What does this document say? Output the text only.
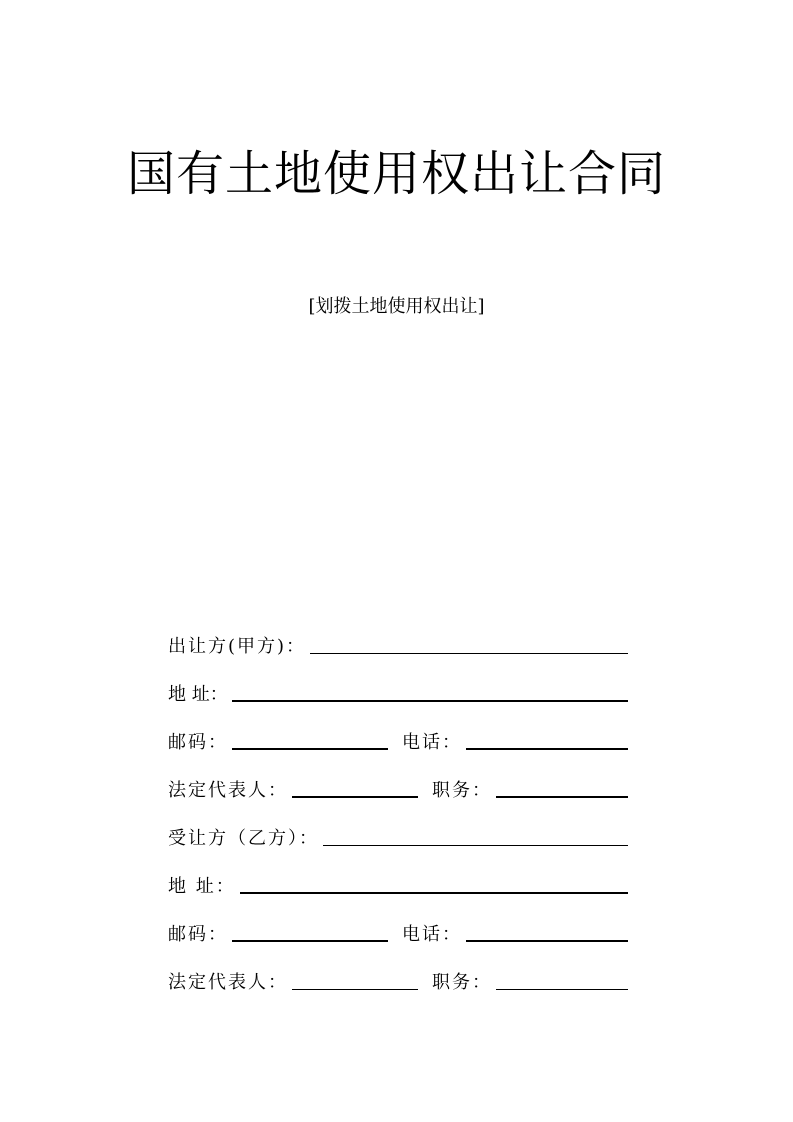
国有土地使用权出让合同
[划拨土地使用权出让]
出让方(甲方)：
地 址：
邮码：	电话：
法定代表人：	职务：
受让方（乙方）：
地 址：
邮码：	电话：
法定代表人：	职务：
